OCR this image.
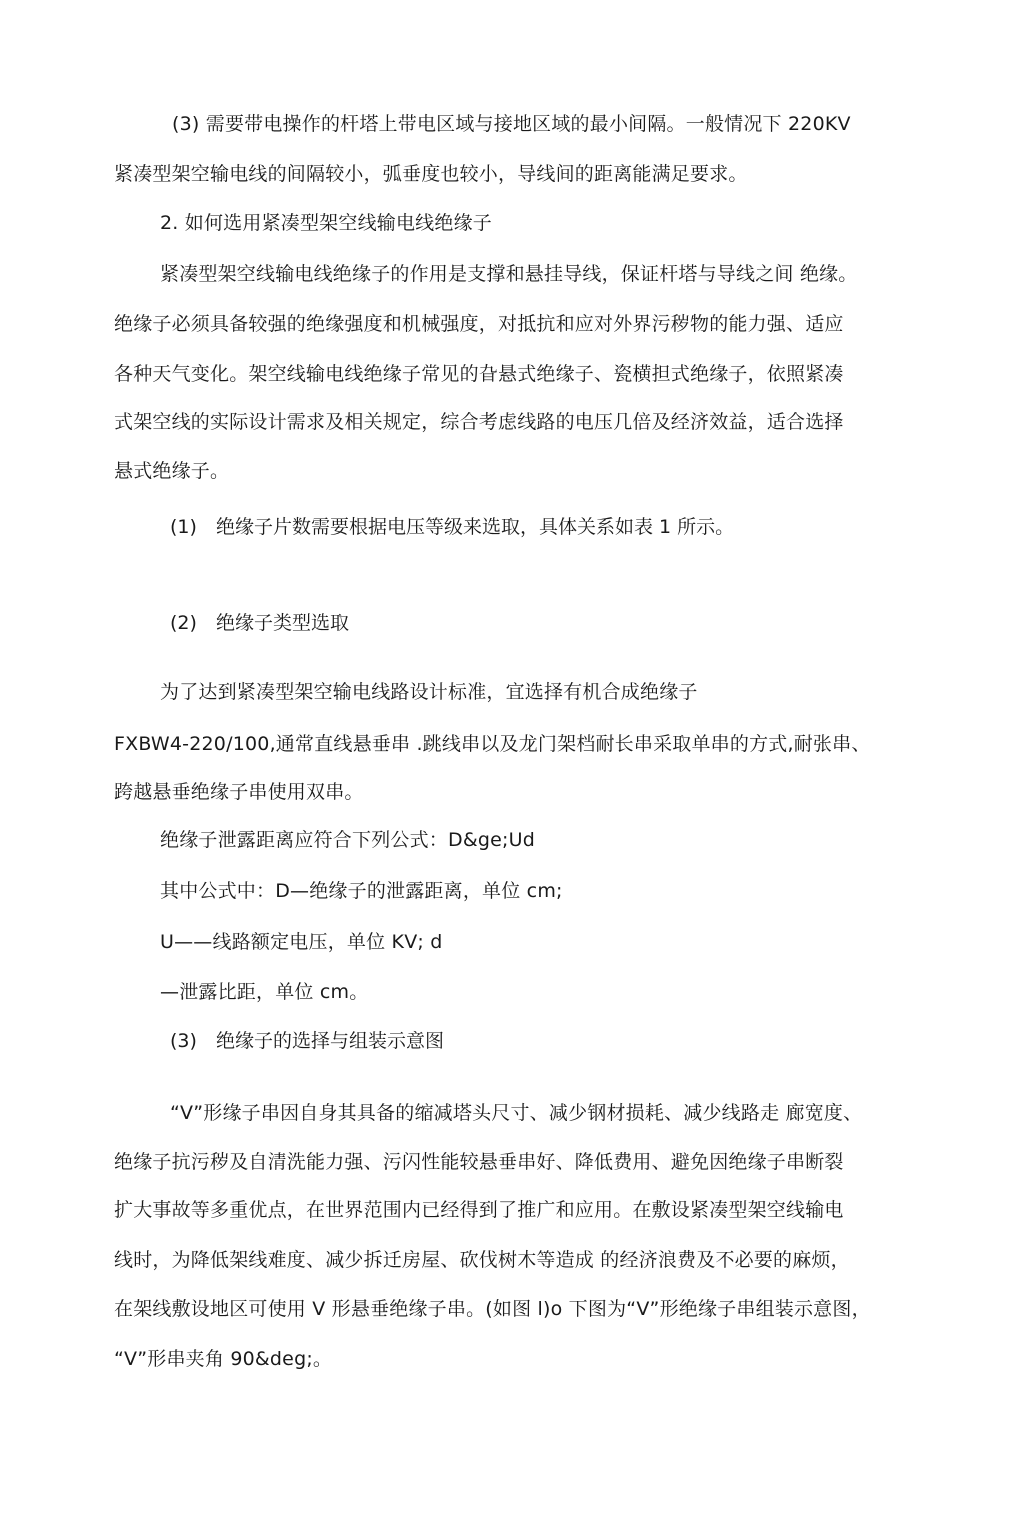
(3) 需要带电操作的杆塔上带电区域与接地区域的最小间隔。一般情况下 220KV
紧凑型架空输电线的间隔较小，弧垂度也较小，导线间的距离能满足要求。
2. 如何选用紧凑型架空线输电线绝缘子
紧凑型架空线输电线绝缘子的作用是支撑和悬挂导线，保证杆塔与导线之间 绝缘。
绝缘子必须具备较强的绝缘强度和机械强度，对抵抗和应对外界污秽物的能力强、适应
各种天气变化。架空线输电线绝缘子常见的旮悬式绝缘子、瓷横担式绝缘子，依照紧凑
式架空线的实际设计需求及相关规定，综合考虑线路的电压几倍及经济效益，适合选择
悬式绝缘子。
(1) 绝缘子片数需要根据电压等级来选取，具体关系如表 1 所示。
(2) 绝缘子类型选取
为了达到紧凑型架空输电线路设计标准，宜选择有机合成绝缘子
FXBW4-220/100,通常直线悬垂串 .跳线串以及龙门架档耐长串采取单串的方式,耐张串、
跨越悬垂绝缘子串使用双串。
绝缘子泄露距离应符合下列公式：D&ge;Ud
其中公式中：D—绝缘子的泄露距离，单位 cm;
U——线路额定电压，单位 KV; d
—泄露比距，单位 cm。
(3) 绝缘子的选择与组装示意图
“V”形缘子串因自身其具备的缩减塔头尺寸、减少钢材损耗、减少线路走 廊宽度、
绝缘子抗污秽及自清洗能力强、污闪性能较悬垂串好、降低费用、避免因绝缘子串断裂
扩大事故等多重优点，在世界范围内已经得到了推广和应用。在敷设紧凑型架空线输电
线时，为降低架线难度、减少拆迁房屋、砍伐树木等造成 的经济浪费及不必要的麻烦，
在架线敷设地区可使用 V 形悬垂绝缘子串。(如图 l)o 下图为“V”形绝缘子串组装示意图，
“V”形串夹角 90&deg;。
